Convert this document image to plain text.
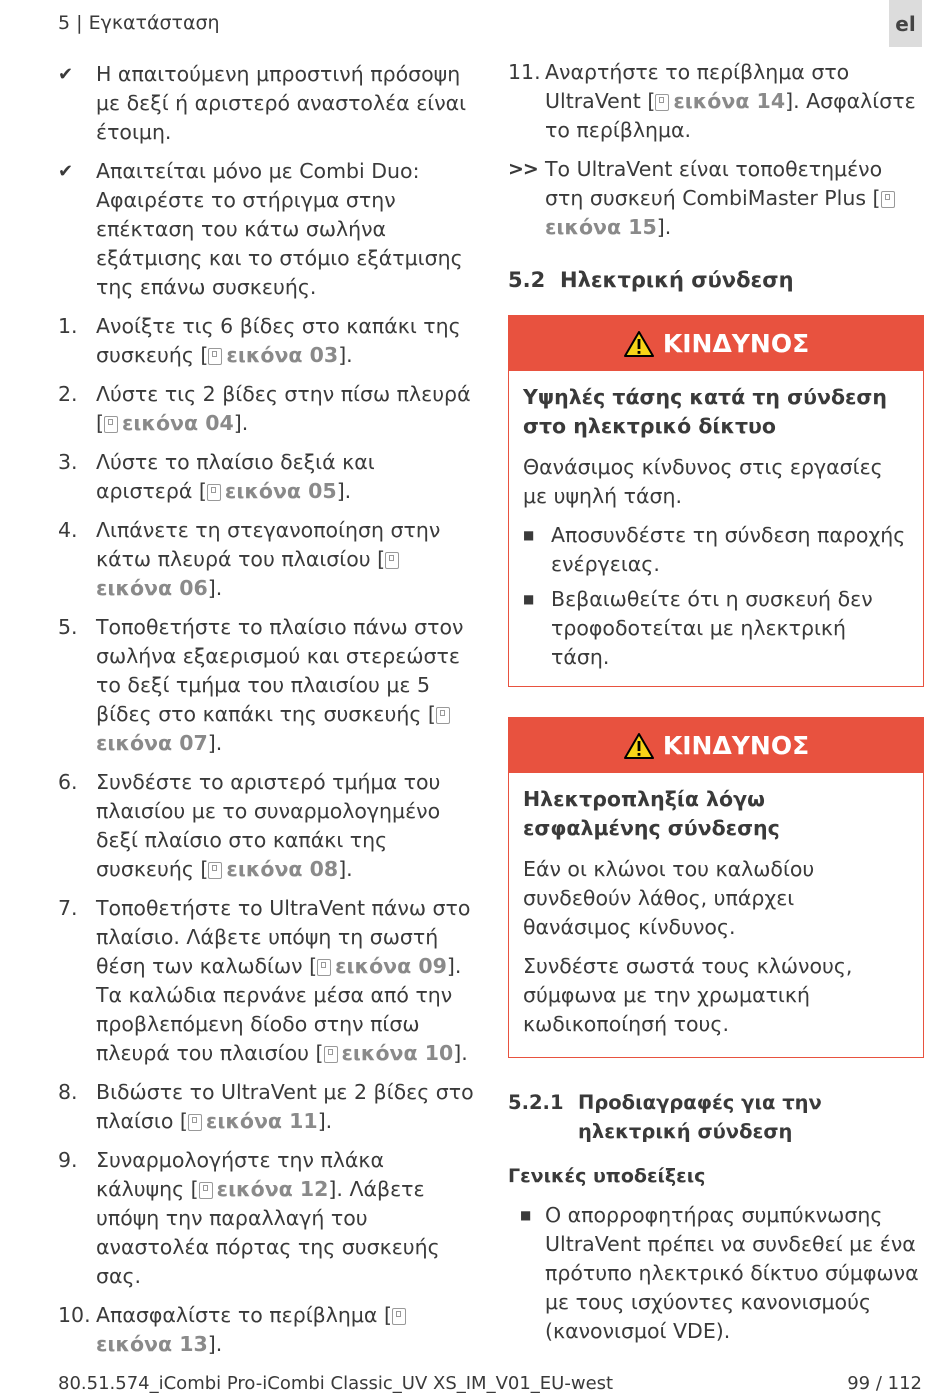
5 | Εγκατάσταση	el
✔	Η απαιτούμενη μπροστινή πρόσοψη με δεξί ή αριστερό αναστολέα είναι έτοιμη.
✔	Απαιτείται μόνο με Combi Duo: Αφαιρέστε το στήριγμα στην επέκταση του κάτω σωλήνα εξάτμισης και το στόμιο εξάτμισης της επάνω συσκευής.
1. Ανοίξτε τις 6 βίδες στο καπάκι της συσκευής [ εικόνα 03].
2. Λύστε τις 2 βίδες στην πίσω πλευρά [ εικόνα 04].
3. Λύστε το πλαίσιο δεξιά και αριστερά [ εικόνα 05].
4. Λιπάνετε τη στεγανοποίηση στην κάτω πλευρά του πλαισίου [εικόνα 06].
5. Τοποθετήστε το πλαίσιο πάνω στον σωλήνα εξαερισμού και στερεώστε το δεξί τμήμα του πλαισίου με 5 βίδες στο καπάκι της συσκευής [εικόνα 07].
6. Συνδέστε το αριστερό τμήμα του πλαισίου με το συναρμολογημένο δεξί πλαίσιο στο καπάκι της συσκευής [ εικόνα 08].
7. Τοποθετήστε το UltraVent πάνω στο πλαίσιο. Λάβετε υπόψη τη σωστή θέση των καλωδίων [ εικόνα 09]. Τα καλώδια περνάνε μέσα από την προβλεπόμενη δίοδο στην πίσω πλευρά του πλαισίου [ εικόνα 10].
8. Βιδώστε το UltraVent με 2 βίδες στο πλαίσιο [ εικόνα 11].
9. Συναρμολογήστε την πλάκα κάλυψης [ εικόνα 12]. Λάβετε υπόψη την παραλλαγή του αναστολέα πόρτας της συσκευής σας.
10. Απασφαλίστε το περίβλημα [εικόνα 13].
11. Αναρτήστε το περίβλημα στο UltraVent [ εικόνα 14]. Ασφαλίστε το περίβλημα.
>> Το UltraVent είναι τοποθετημένο στη συσκευή CombiMaster Plus [εικόνα 15].
5.2 Ηλεκτρική σύνδεση
ΚΙΝΔΥΝΟΣ
Υψηλές τάσης κατά τη σύνδεση στο ηλεκτρικό δίκτυο

Θανάσιμος κίνδυνος στις εργασίες με υψηλή τάση.

■ Αποσυνδέστε τη σύνδεση παροχής ενέργειας.
■ Βεβαιωθείτε ότι η συσκευή δεν τροφοδοτείται με ηλεκτρική τάση.
ΚΙΝΔΥΝΟΣ
Ηλεκτροπληξία λόγω εσφαλμένης σύνδεσης

Εάν οι κλώνοι του καλωδίου συνδεθούν λάθος, υπάρχει θανάσιμος κίνδυνος.

Συνδέστε σωστά τους κλώνους, σύμφωνα με την χρωματική κωδικοποίησή τους.

5.2.1 Προδιαγραφές για την ηλεκτρική σύνδεση
Γενικές υποδείξεις
■ Ο απορροφητήρας συμπύκνωσης UltraVent πρέπει να συνδεθεί με ένα πρότυπο ηλεκτρικό δίκτυο σύμφωνα με τους ισχύοντες κανονισμούς (κανονισμοί VDE).
80.51.574_iCombi Pro-iCombi Classic_UV XS_IM_V01_EU-west	99 / 112
